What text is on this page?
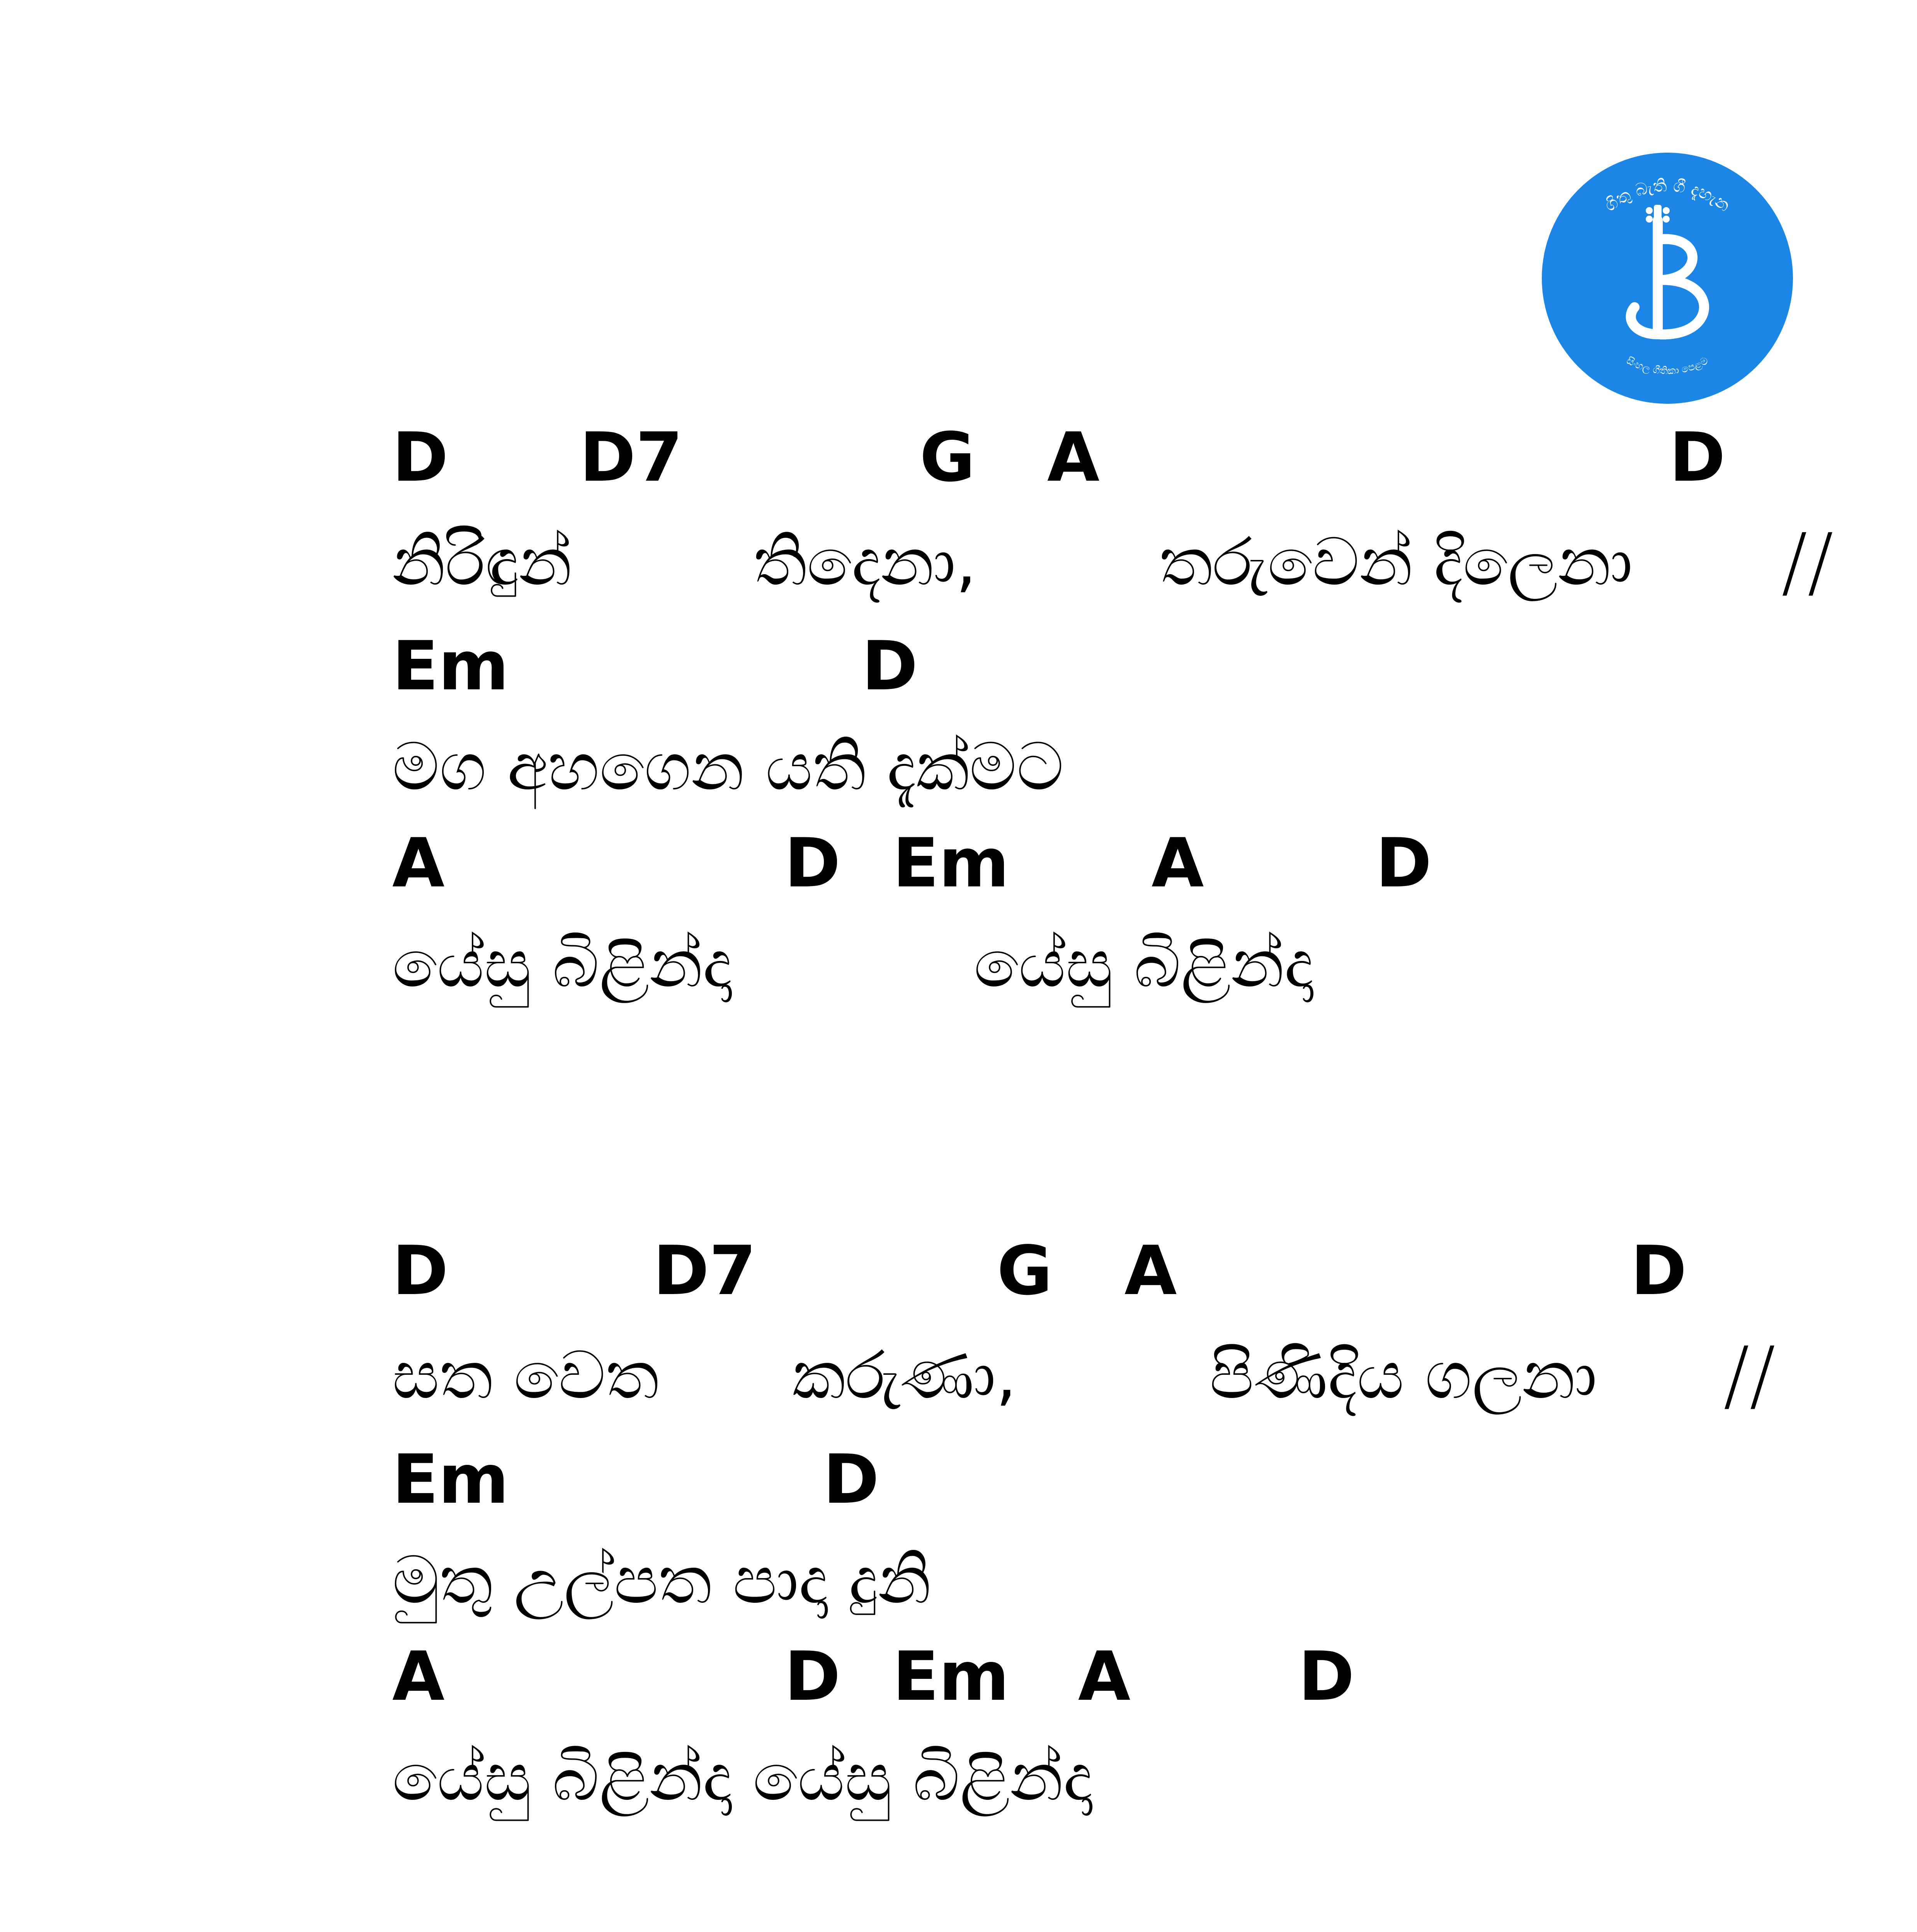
ගිතු බැති ගී දැහැන
සිංහල ගීතිකා පෙළම
D D7	G A	D
නිරිඳුන්	තිදෙනා,	තරුවෙන් දිලෙනා //
Em	D
මග අහගෙන යති දැක්මට
A	D Em A	D
යේසු බිළින්දා	යේසු බිළින්දා
D	D7	G A	D
සත වෙත කරුණා,	පිණිදිය ගලනා //
Em	D
මුතු උල්පත පාදා දුනි
A	D Em A D
යේසු බිළින්දා යේසු බිළින්දා
